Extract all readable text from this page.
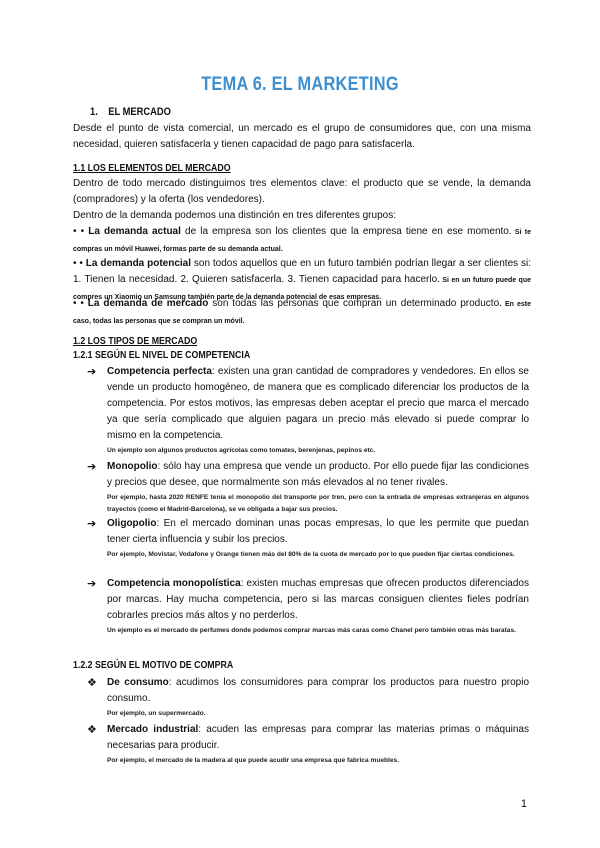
TEMA 6. EL MARKETING
1. EL MERCADO
Desde el punto de vista comercial, un mercado es el grupo de consumidores que, con una misma necesidad, quieren satisfacerla y tienen capacidad de pago para satisfacerla.
1.1 LOS ELEMENTOS DEL MERCADO
Dentro de todo mercado distinguimos tres elementos clave: el producto que se vende, la demanda (compradores) y la oferta (los vendedores).
Dentro de la demanda podemos una distinción en tres diferentes grupos:
• • La demanda actual de la empresa son los clientes que la empresa tiene en ese momento. Si te compras un móvil Huawei, formas parte de su demanda actual.
• • La demanda potencial son todos aquellos que en un futuro también podrían llegar a ser clientes si: 1. Tienen la necesidad. 2. Quieren satisfacerla. 3. Tienen capacidad para hacerlo. Si en un futuro puede que compres un Xiaomio un Samsung también parte de la demanda potencial de esas empresas.
• • La demanda de mercado son todas las personas que compran un determinado producto. En este caso, todas las personas que se compran un móvil.
1.2 LOS TIPOS DE MERCADO
1.2.1 SEGÚN EL NIVEL DE COMPETENCIA
➔ Competencia perfecta: existen una gran cantidad de compradores y vendedores. En ellos se vende un producto homogéneo, de manera que es complicado diferenciar los productos de la competencia. Por estos motivos, las empresas deben aceptar el precio que marca el mercado ya que sería complicado que alguien pagara un precio más elevado si puede comprar lo mismo en la competencia.
Un ejemplo son algunos productos agrícolas como tomates, berenjenas, pepinos etc.
➔ Monopolio: sólo hay una empresa que vende un producto. Por ello puede fijar las condiciones y precios que desee, que normalmente son más elevados al no tener rivales.
Por ejemplo, hasta 2020 RENFE tenía el monopolio del transporte por tren, pero con la entrada de empresas extranjeras en algunos trayectos (como el Madrid-Barcelona), se ve obligada a bajar sus precios.
➔ Oligopolio: En el mercado dominan unas pocas empresas, lo que les permite que puedan tener cierta influencia y subir los precios.
Por ejemplo, Movistar, Vodafone y Orange tienen más del 80% de la cuota de mercado por lo que pueden fijar ciertas condiciones.
➔ Competencia monopolística: existen muchas empresas que ofrecen productos diferenciados por marcas. Hay mucha competencia, pero si las marcas consiguen clientes fieles podrían cobrarles precios más altos y no perderlos.
Un ejemplo es el mercado de perfumes donde podemos comprar marcas más caras como Chanel pero también otras más baratas.
1.2.2 SEGÚN EL MOTIVO DE COMPRA
❖ De consumo: acudimos los consumidores para comprar los productos para nuestro propio consumo.
Por ejemplo, un supermercado.
❖ Mercado industrial: acuden las empresas para comprar las materias primas o máquinas necesarias para producir.
Por ejemplo, el mercado de la madera al que puede acudir una empresa que fabrica muebles.
1
